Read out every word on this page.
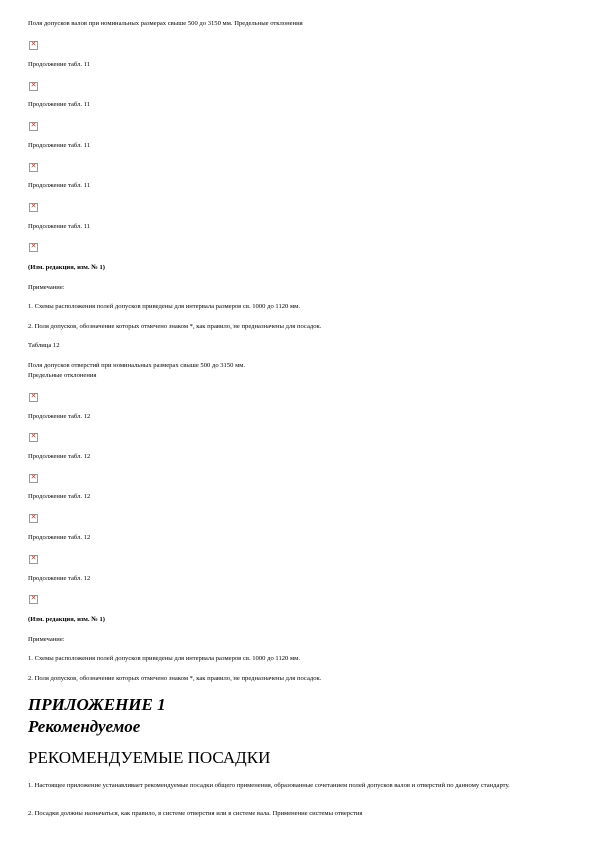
Поля допусков валов при номинальных размерах свыше 500 до 3150 мм. Предельные отклонения
✕
Продолжение табл. 11
✕
Продолжение табл. 11
✕
Продолжение табл. 11
✕
Продолжение табл. 11
✕
Продолжение табл. 11
✕
(Изм. редакция, изм. № 1)
Примечание:
1. Схемы расположения полей допусков приведены для интервала размеров св. 1000 до 1120 мм.
2. Поля допусков, обозначение которых отмечено знаком *, как правило, не предназначены для посадок.
Таблица 12
Поля допусков отверстий при номинальных размерах свыше 500 до 3150 мм.
Предельные отклонения
✕
Продолжение табл. 12
✕
Продолжение табл. 12
✕
Продолжение табл. 12
✕
Продолжение табл. 12
✕
Продолжение табл. 12
✕
(Изм. редакция, изм. № 1)
Примечание:
1. Схемы расположения полей допусков приведены для интервала размеров св. 1000 до 1120 мм.
2. Поля допусков, обозначение которых отмечено знаком *, как правило, не предназначены для посадок.
ПРИЛОЖЕНИЕ 1
Рекомендуемое
РЕКОМЕНДУЕМЫЕ ПОСАДКИ
1. Настоящее приложение устанавливает рекомендуемые посадки общего применения, образованные сочетанием полей допусков валов и отверстий по данному стандарту.
2. Посадки должны назначаться, как правило, в системе отверстия или в системе вала. Применение системы отверстия
